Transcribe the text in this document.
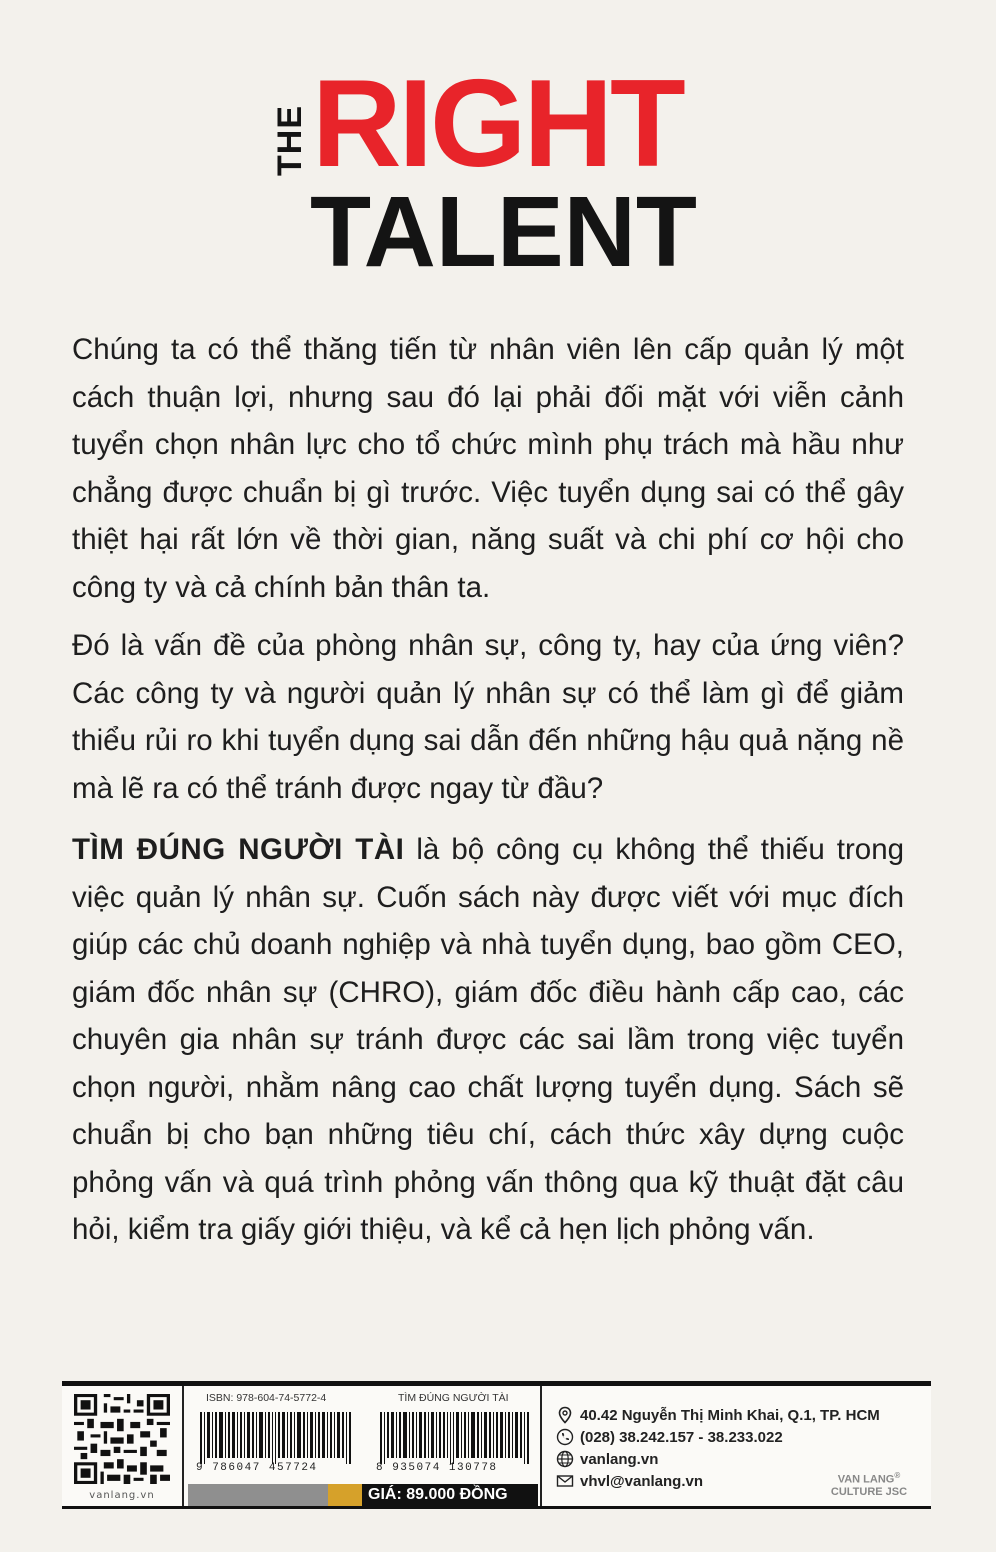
THE RIGHT
TALENT

Chúng ta có thể thăng tiến từ nhân viên lên cấp quản lý một cách thuận lợi, nhưng sau đó lại phải đối mặt với viễn cảnh tuyển chọn nhân lực cho tổ chức mình phụ trách mà hầu như chẳng được chuẩn bị gì trước. Việc tuyển dụng sai có thể gây thiệt hại rất lớn về thời gian, năng suất và chi phí cơ hội cho công ty và cả chính bản thân ta.

Đó là vấn đề của phòng nhân sự, công ty, hay của ứng viên? Các công ty và người quản lý nhân sự có thể làm gì để giảm thiểu rủi ro khi tuyển dụng sai dẫn đến những hậu quả nặng nề mà lẽ ra có thể tránh được ngay từ đầu?

TÌM ĐÚNG NGƯỜI TÀI là bộ công cụ không thể thiếu trong việc quản lý nhân sự. Cuốn sách này được viết với mục đích giúp các chủ doanh nghiệp và nhà tuyển dụng, bao gồm CEO, giám đốc nhân sự (CHRO), giám đốc điều hành cấp cao, các chuyên gia nhân sự tránh được các sai lầm trong việc tuyển chọn người, nhằm nâng cao chất lượng tuyển dụng. Sách sẽ chuẩn bị cho bạn những tiêu chí, cách thức xây dựng cuộc phỏng vấn và quá trình phỏng vấn thông qua kỹ thuật đặt câu hỏi, kiểm tra giấy giới thiệu, và kể cả hẹn lịch phỏng vấn.

vanlang.vn
ISBN: 978-604-74-5772-4
9 786047 457724
TÌM ĐÚNG NGƯỜI TÀI
8 935074 130778
GIÁ: 89.000 ĐỒNG
40.42 Nguyễn Thị Minh Khai, Q.1, TP. HCM
(028) 38.242.157 - 38.233.022
vanlang.vn
vhvl@vanlang.vn	VAN LANG®
CULTURE JSC
